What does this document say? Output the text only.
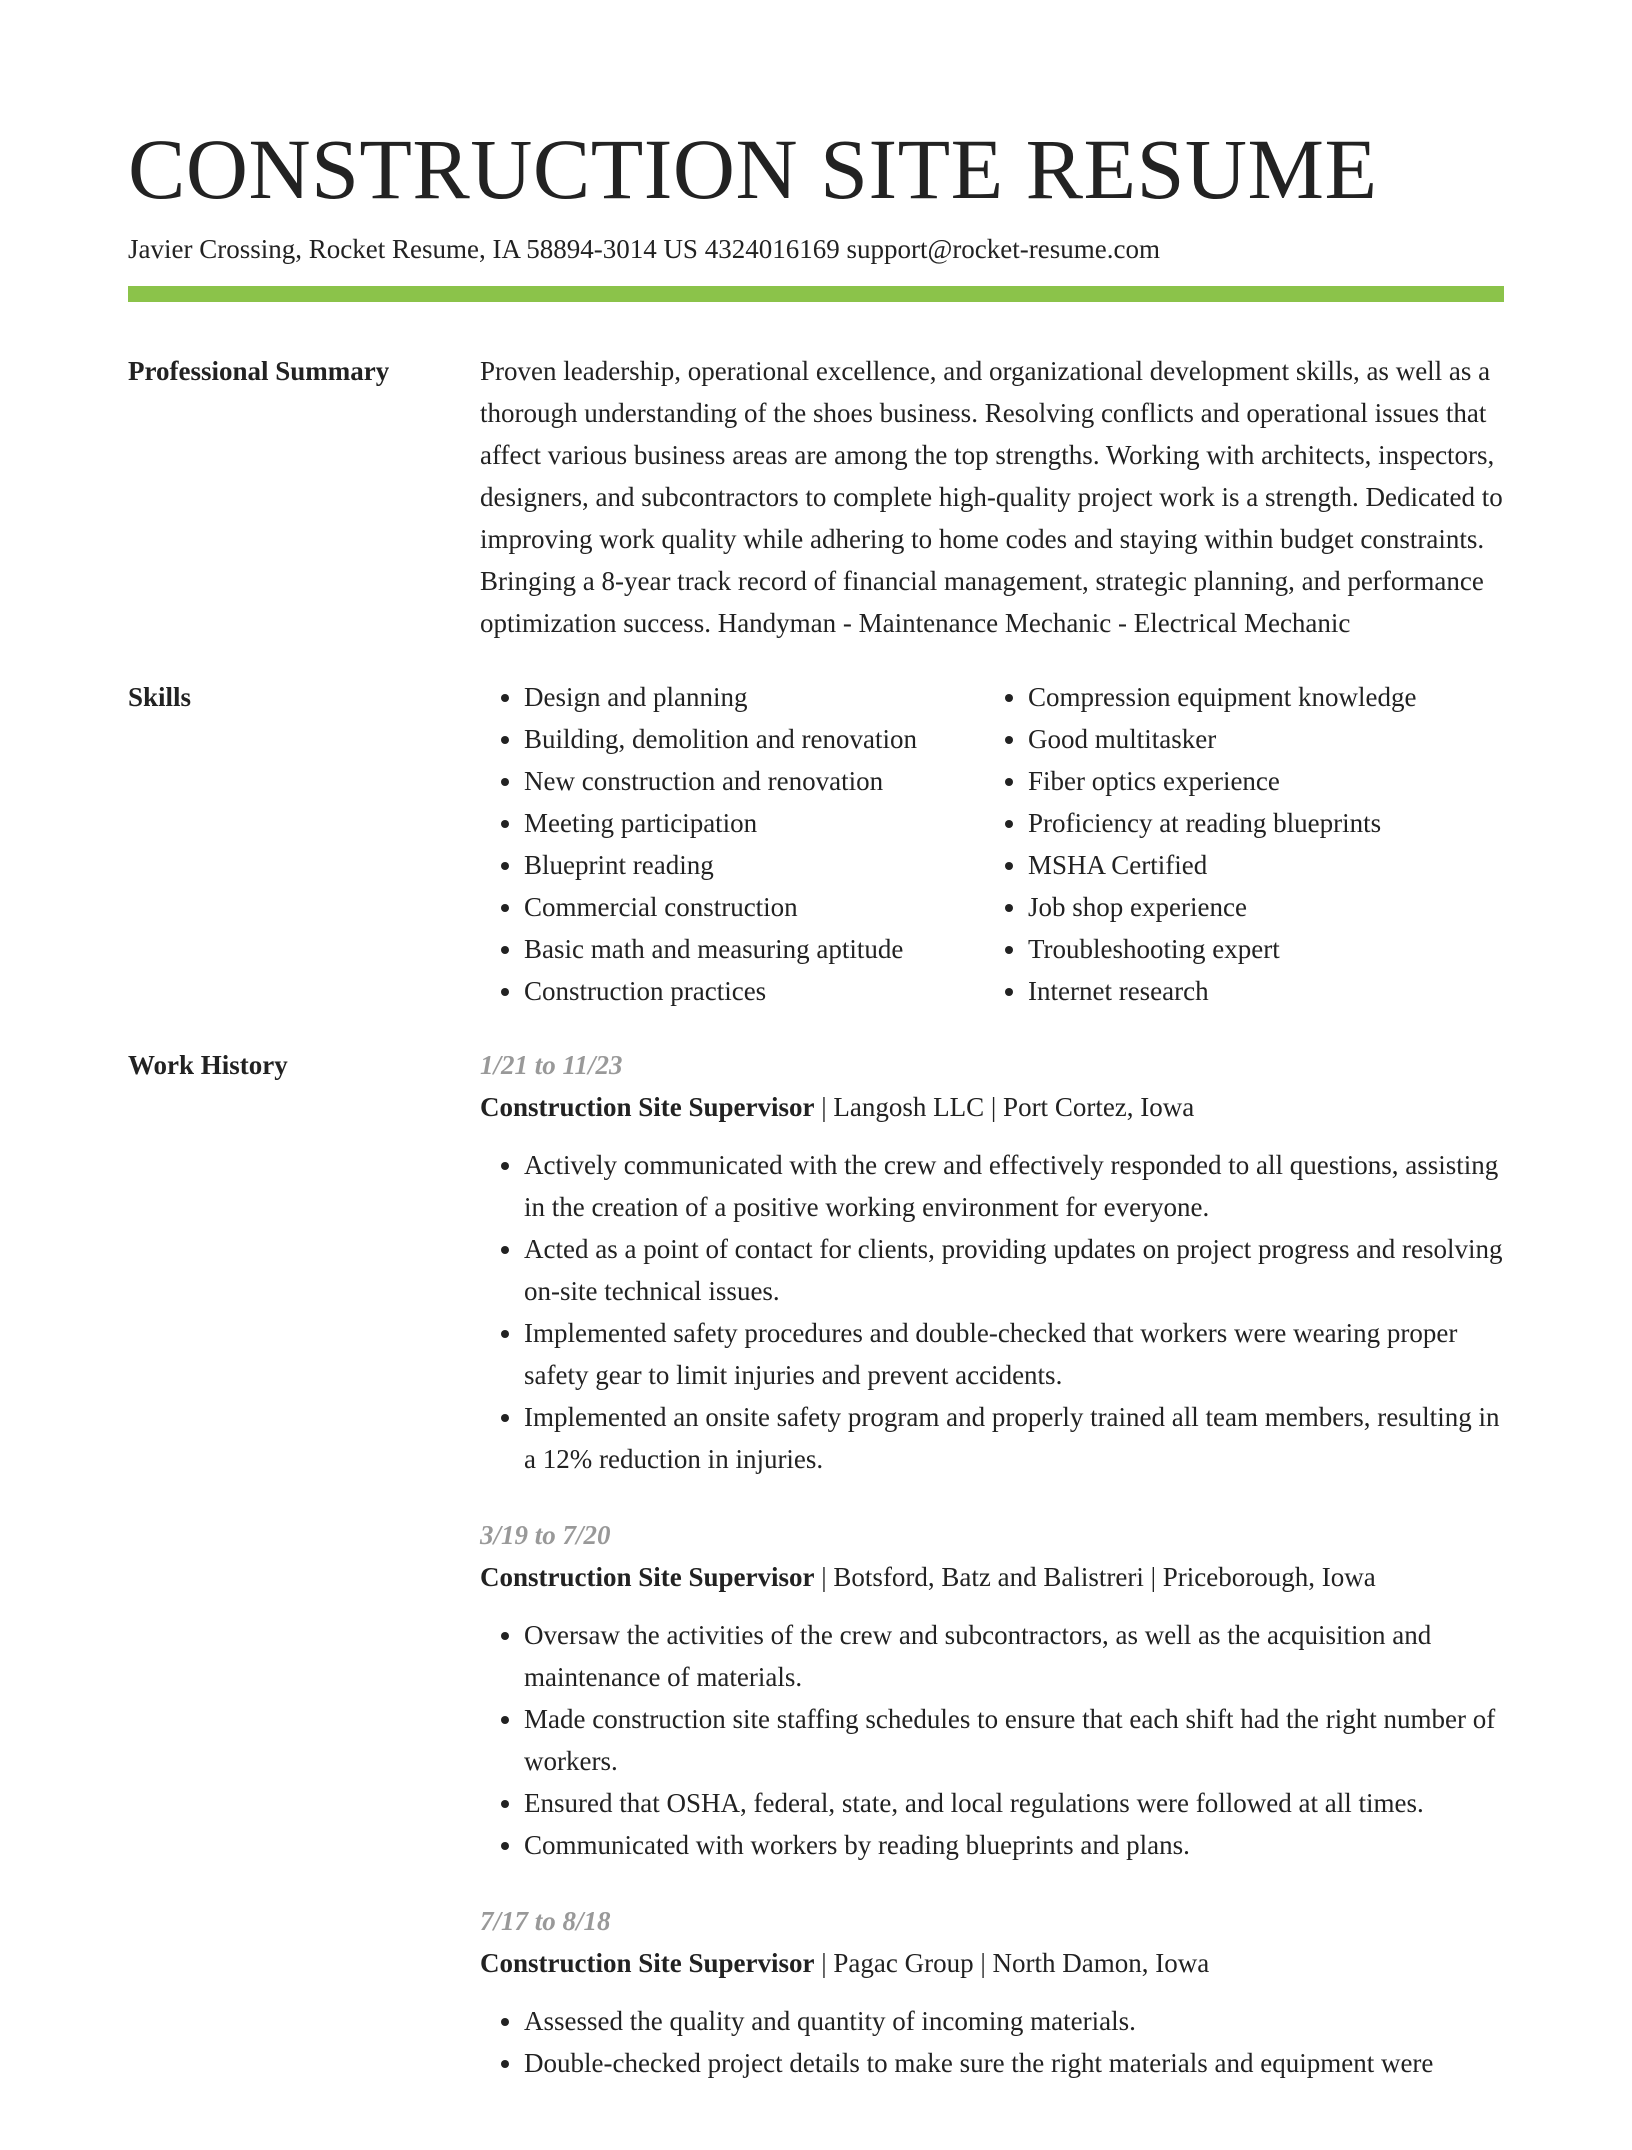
CONSTRUCTION SITE RESUME
Javier Crossing, Rocket Resume, IA 58894-3014 US 4324016169 support@rocket-resume.com
Professional Summary	Proven leadership, operational excellence, and organizational development skills, as well as a thorough understanding of the shoes business. Resolving conflicts and operational issues that affect various business areas are among the top strengths. Working with architects, inspectors, designers, and subcontractors to complete high-quality project work is a strength. Dedicated to improving work quality while adhering to home codes and staying within budget constraints. Bringing a 8-year track record of financial management, strategic planning, and performance optimization success. Handyman - Maintenance Mechanic - Electrical Mechanic

Skills
•	Design and planning
• Building, demolition and renovation
• New construction and renovation
• Meeting participation
• Blueprint reading
• Commercial construction
• Basic math and measuring aptitude
• Construction practices
• Compression equipment knowledge
• Good multitasker
• Fiber optics experience
• Proficiency at reading blueprints
• MSHA Certified
• Job shop experience
• Troubleshooting expert
• Internet research
Work History	1/21 to 11/23
Construction Site Supervisor | Langosh LLC | Port Cortez, Iowa
• Actively communicated with the crew and effectively responded to all questions, assisting in the creation of a positive working environment for everyone.
• Acted as a point of contact for clients, providing updates on project progress and resolving on-site technical issues.
• Implemented safety procedures and double-checked that workers were wearing proper safety gear to limit injuries and prevent accidents.
• Implemented an onsite safety program and properly trained all team members, resulting in a 12% reduction in injuries.
3/19 to 7/20
Construction Site Supervisor | Botsford, Batz and Balistreri | Priceborough, Iowa
• Oversaw the activities of the crew and subcontractors, as well as the acquisition and maintenance of materials.
• Made construction site staffing schedules to ensure that each shift had the right number of workers.
• Ensured that OSHA, federal, state, and local regulations were followed at all times.
• Communicated with workers by reading blueprints and plans.
7/17 to 8/18
Construction Site Supervisor | Pagac Group | North Damon, Iowa
• Assessed the quality and quantity of incoming materials.
• Double-checked project details to make sure the right materials and equipment were
